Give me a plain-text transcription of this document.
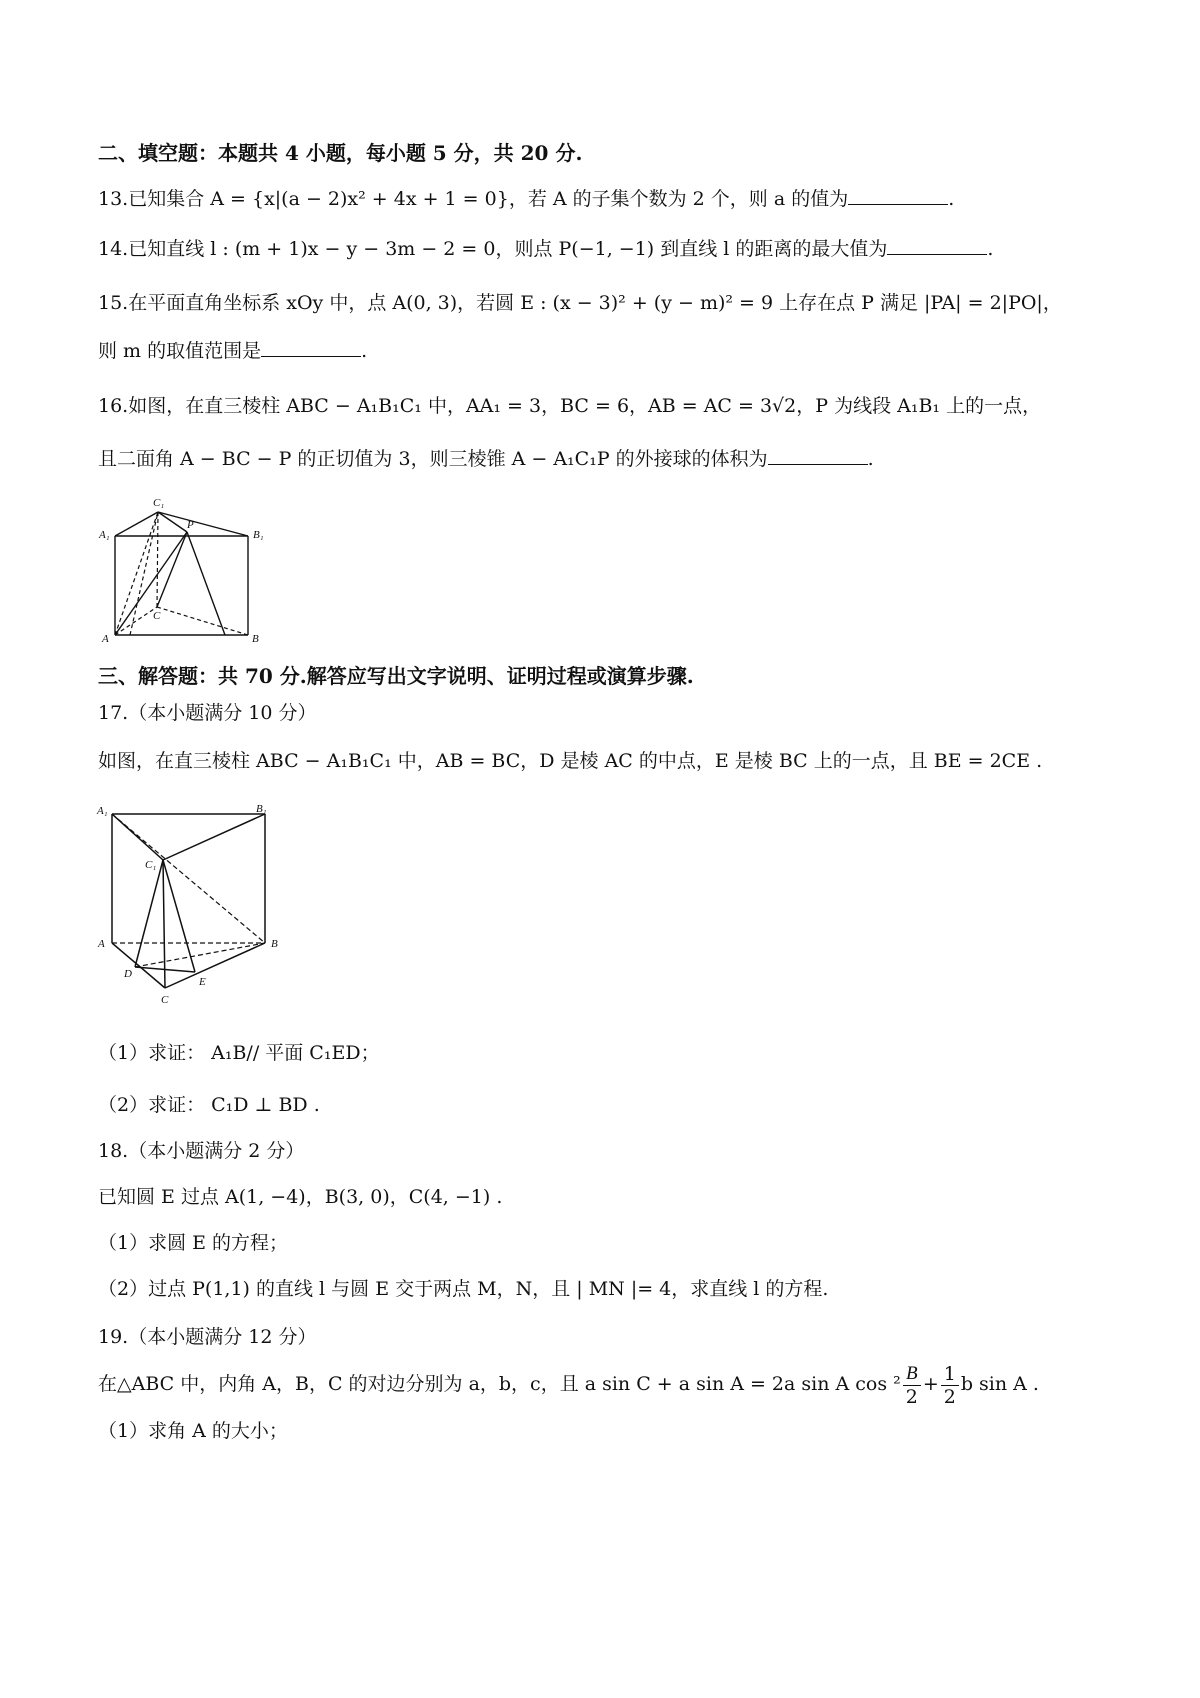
二、填空题：本题共 4 小题，每小题 5 分，共 20 分.
13.已知集合 A = {x|(a − 2)x² + 4x + 1 = 0}，若 A 的子集个数为 2 个，则 a 的值为	.
14.已知直线 l : (m + 1)x − y − 3m − 2 = 0，则点 P(−1, −1) 到直线 l 的距离的最大值为	.
15.在平面直角坐标系 xOy 中，点 A(0, 3)，若圆 E : (x − 3)² + (y − m)² = 9 上存在点 P 满足 |PA| = 2|PO|，
则 m 的取值范围是	.
16.如图，在直三棱柱 ABC − A₁B₁C₁ 中，AA₁ = 3，BC = 6，AB = AC = 3√2，P 为线段 A₁B₁ 上的一点，
且二面角 A − BC − P 的正切值为 3，则三棱锥 A − A₁C₁P 的外接球的体积为	.
C₁
A₁
P
B₁
C
A	B
三、解答题：共 70 分.解答应写出文字说明、证明过程或演算步骤.
17.（本小题满分 10 分）
如图，在直三棱柱 ABC − A₁B₁C₁ 中，AB = BC，D 是棱 AC 的中点，E 是棱 BC 上的一点，且 BE = 2CE .
A₁	B₁
C₁
A	B
D
E
C
（1）求证： A₁B// 平面 C₁ED；
（2）求证： C₁D ⊥ BD .
18.（本小题满分 2 分）
已知圆 E 过点 A(1, −4)，B(3, 0)，C(4, −1) .
（1）求圆 E 的方程；
（2）过点 P(1,1) 的直线 l 与圆 E 交于两点 M，N，且 | MN |= 4，求直线 l 的方程.
19.（本小题满分 12 分）
在△ABC 中，内角 A，B，C 的对边分别为 a，b，c，且 a sin C + a sin A = 2a sin A $\cos ^2 \frac{B}{2} + \frac{1}{2}$ b sin A .
（1）求角 A 的大小；
